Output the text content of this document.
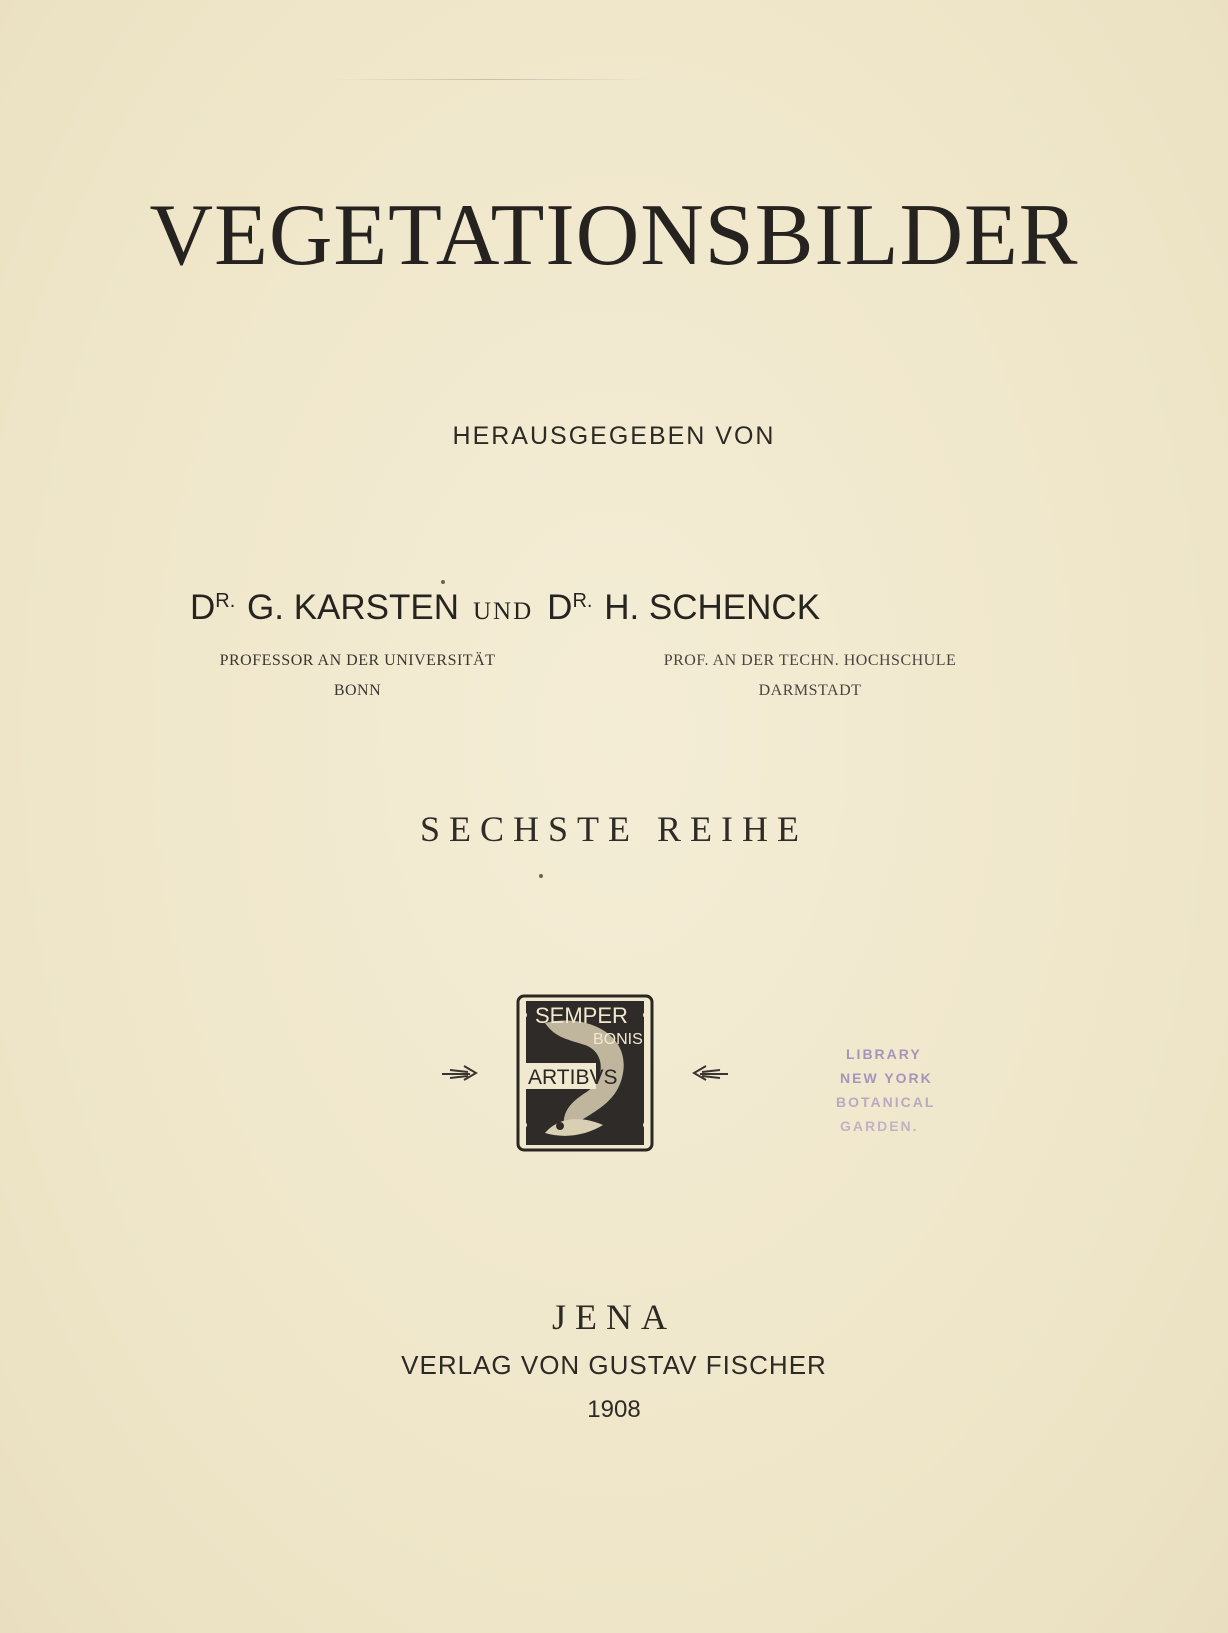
VEGETATIONSBILDER
HERAUSGEGEBEN VON
$D^{R.}$ G. KARSTEN UND $D^{R.}$ H. SCHENCK
PROFESSOR AN DER UNIVERSITÄT
BONN
PROF. AN DER TECHN. HOCHSCHULE
DARMSTADT
SECHSTE REIHE
SEMPER
BONIS
ARTIBVS
LIBRARY
NEW YORK
BOTANICAL
GARDEN.
JENA
VERLAG VON GUSTAV FISCHER
1908
